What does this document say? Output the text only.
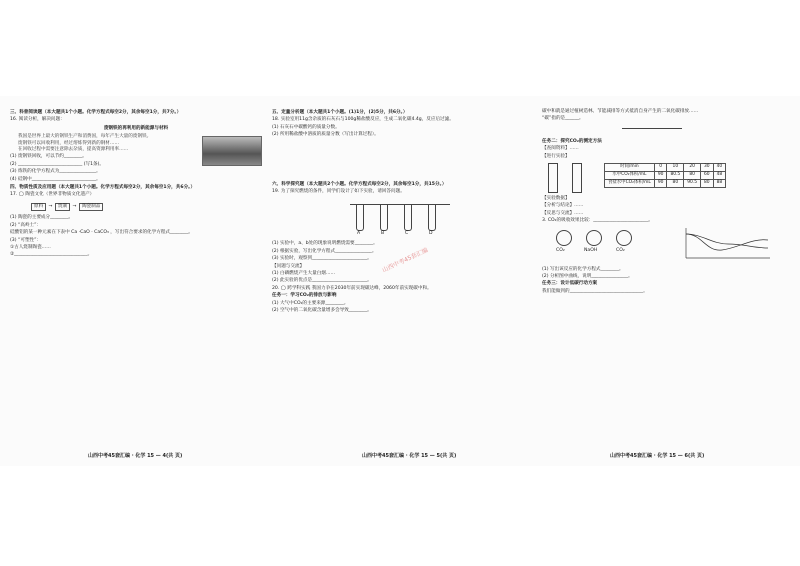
三、科普阅读题（本大题共1个小题。化学方程式每空2分，其余每空1分，共7分。）
16. 阅读分析，解决问题：
废钢铁的再利用的新能源与材料
我国是世界上最大的钢铁生产和消费国，每年产生大量的废钢铁。
废钢铁可以回收利用，经过熔炼得到新的钢材……
在回收过程中需要注意除去杂质，提高资源利用率……
(1) 废钢铁回收，可以节约________。
(2) ____________________________ (写1条)。
(3) 炼铁的化学方程式为________________。
(4) 硅钢中____________________________。
四、物质性质及应用题（本大题共1个小题。化学方程式每空2分，其余每空1分，共6分。）
17. ◯ 陶瓷文化（世界非物质文化遗产）
原料 → 烧制 → 陶瓷制品
(1) 陶瓷的主要成分________。
(2) “高岭土”：
硅酸铝的某一种元素在下表中 Ca ·CaO · CaCO₃ ，写出符合要求的化学方程式________。
(3) “可塑性”：
①古人烧制陶瓷……
②________________________________。
五、定量分析题（本大题共1个小题。(1)1分，(2)5分，共6分。）
18. 实验室用11g含杂质的石灰石与100g稀盐酸反应，生成二氧化碳4.4g，反应后过滤。
(1) 石灰石中碳酸钙的质量分数。
(2) 所用稀盐酸中溶质的质量分数（写出计算过程）。
六、科学探究题（本大题共2个小题。化学方程式每空2分，其余每空1分，共15分。）
19. 为了探究燃烧的条件，同学们设计了如下实验，请回答问题。
A	B	C	D
(1) 实验中，a、b处的现象说明燃烧需要________。
(2) 根据实验，写出化学方程式________________。
(3) 实验时，观察到________________________。
【问题与交流】
(1) 白磷燃烧产生大量白烟……
(2) 此实验的优点是________________________。
20. ◯ 跨学科实践 我国力争在2030年前实现碳达峰，2060年前实现碳中和。
任务一：学习CO₂的排放与影响
(1) 大气中CO₂的主要来源________。
(2) 空气中的二氧化碳含量增多会导致________。
碳中和就是通过植树造林、节能减排等方式抵消自身产生的二氧化碳排放……
“碳”指的是______。
任务二：探究CO₂的测定方法
【查阅资料】……
【进行实验】
时间/min	0	10	20	30	40
水中CO₂体积/mL	90	80.5	80	60	48
食盐水中CO₂体积/mL	90	80	90.5	80	88
【实验数据】
【分析与结论】……
【反思与交流】……
3. CO₂的吸收效果比较：________________________。
CO₂	NaOH	CO₂
(1) 写出该反应的化学方程式________。
(2) 分析图中曲线，说明________________。
任务三：设计低碳行动方案
我们能做到的________________________________。
山西中考45套汇编 · 化学 15 — 4(共 页)	山西中考45套汇编 · 化学 15 — 5(共 页)	山西中考45套汇编 · 化学 15 — 6(共 页)
山西中考45套汇编
